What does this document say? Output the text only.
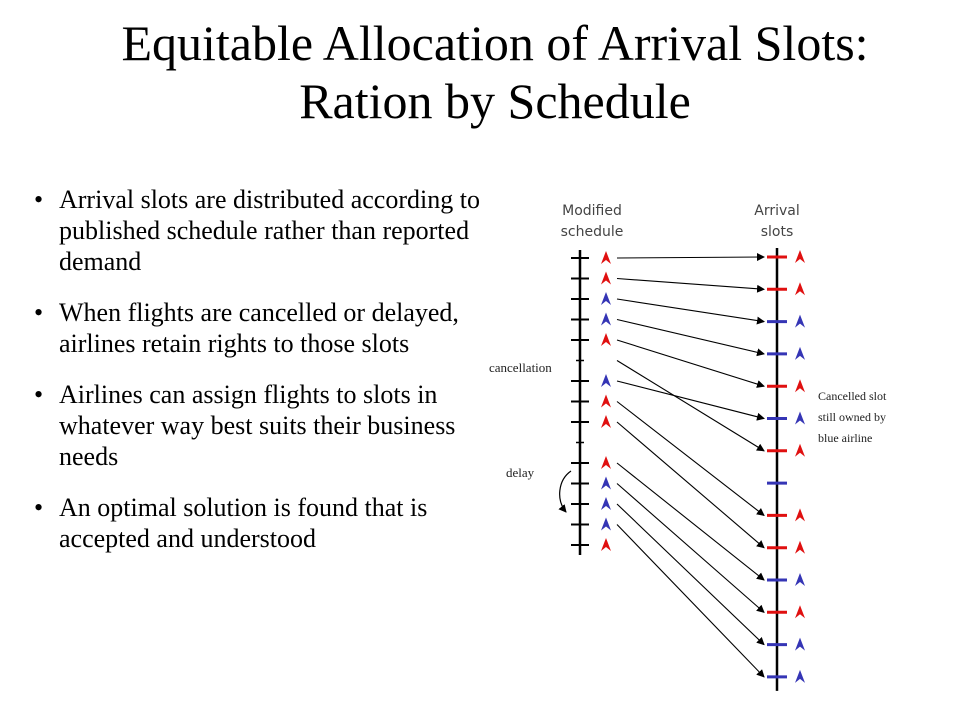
Equitable Allocation of Arrival Slots:
Ration by Schedule
• Arrival slots are distributed according to published schedule rather than reported demand
• When flights are cancelled or delayed, airlines retain rights to those slots
• Airlines can assign flights to slots in whatever way best suits their business needs
• An optimal solution is found that is accepted and understood
Modified
schedule
Arrival
slots
cancellation
delay
Cancelled slot
still owned by
blue airline
